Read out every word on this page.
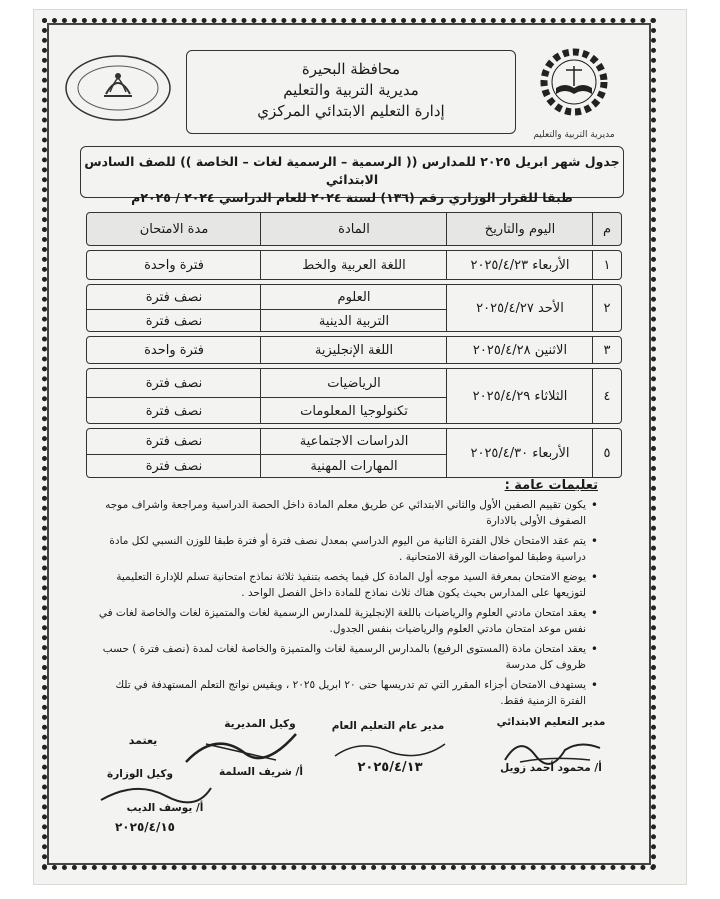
مديرية التربية والتعليم
محافظة البحيرة
مديرية التربية والتعليم
إدارة التعليم الابتدائي المركزي
جدول شهر ابريل ٢٠٢٥ للمدارس (( الرسمية – الرسمية لغات – الخاصة )) للصف السادس الابتدائي
طبقا للقرار الوزاري رقم (١٣٦) لسنة ٢٠٢٤ للعام الدراسي ٢٠٢٤ / ٢٠٢٥م
م
اليوم والتاريخ
المادة
مدة الامتحان
١
الأربعاء ٢٠٢٥/٤/٢٣
اللغة العربية والخط
فترة واحدة
٢
الأحد ٢٠٢٥/٤/٢٧
العلوم
التربية الدينية
نصف فترة
نصف فترة
٣
الاثنين ٢٠٢٥/٤/٢٨
اللغة الإنجليزية
فترة واحدة
٤
الثلاثاء ٢٠٢٥/٤/٢٩
الرياضيات
تكنولوجيا المعلومات
نصف فترة
نصف فترة
٥
الأربعاء ٢٠٢٥/٤/٣٠
الدراسات الاجتماعية
المهارات المهنية
نصف فترة
نصف فترة
تعليمات عامة :
• يكون تقييم الصفين الأول والثاني الابتدائي عن طريق معلم المادة داخل الحصة الدراسية ومراجعة واشراف موجه الصفوف الأولى بالادارة
• يتم عقد الامتحان خلال الفترة الثانية من اليوم الدراسي بمعدل نصف فترة أو فترة طبقا للوزن النسبي لكل مادة دراسية وطبقا لمواصفات الورقة الامتحانية .
• يوضع الامتحان بمعرفة السيد موجه أول المادة كل فيما يخصه بتنفيذ ثلاثة نماذج امتحانية تسلم للإدارة التعليمية لتوزيعها على المدارس بحيث يكون هناك ثلاث نماذج للمادة داخل الفصل الواحد .
• يعقد امتحان مادتي العلوم والرياضيات باللغة الإنجليزية للمدارس الرسمية لغات والمتميزة لغات والخاصة لغات في نفس موعد امتحان مادتي العلوم والرياضيات بنفس الجدول.
• يعقد امتحان مادة (المستوى الرفيع) بالمدارس الرسمية لغات والمتميزة والخاصة لغات لمدة (نصف فترة ) حسب ظروف كل مدرسة
• يستهدف الامتحان أجزاء المقرر التي تم تدريسها حتى ٢٠ ابريل ٢٠٢٥ ، ويقيس نواتج التعلم المستهدفة في تلك الفترة الزمنية فقط.
مدير التعليم الابتدائي
أ/ محمود أحمد زويل
مدير عام التعليم العام
٢٠٢٥/٤/١٣
وكيل المديرية
أ/ شريف السلمة
يعتمد
وكيل الوزارة
أ/ يوسف الديب
٢٠٢٥/٤/١٥
